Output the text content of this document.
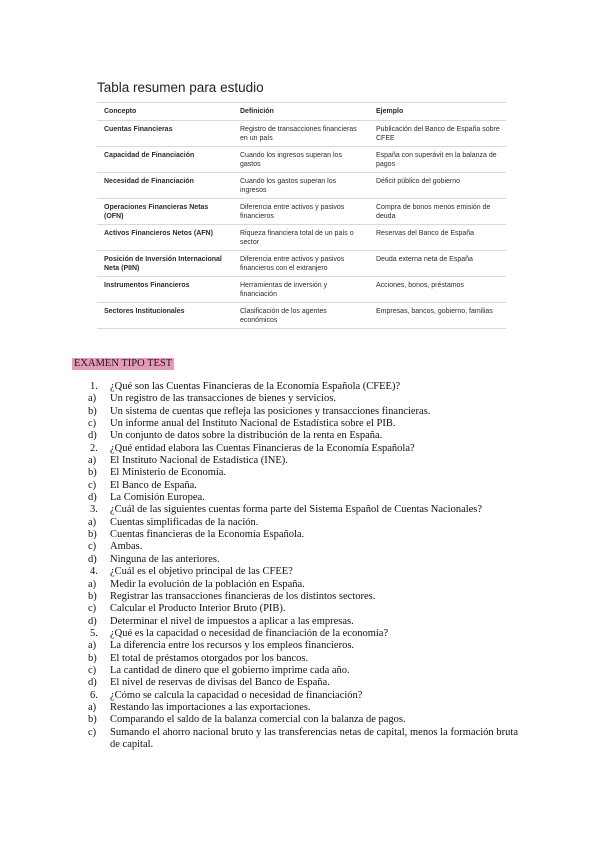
Tabla resumen para estudio
Concepto	Definición	Ejemplo
Cuentas Financieras	Registro de transacciones financieras en un país	Publicación del Banco de España sobre CFEE
Capacidad de Financiación	Cuando los ingresos superan los gastos	España con superávit en la balanza de pagos
Necesidad de Financiación	Cuando los gastos superan los ingresos	Déficit público del gobierno
Operaciones Financieras Netas (OFN)	Diferencia entre activos y pasivos financieros	Compra de bonos menos emisión de deuda
Activos Financieros Netos (AFN)	Riqueza financiera total de un país o sector	Reservas del Banco de España
Posición de Inversión Internacional Neta (PIIN)	Diferencia entre activos y pasivos financieros con el extranjero	Deuda externa neta de España
Instrumentos Financieros	Herramientas de inversión y financiación	Acciones, bonos, préstamos
Sectores Institucionales	Clasificación de los agentes económicos	Empresas, bancos, gobierno, familias
EXAMEN TIPO TEST
1.	¿Qué son las Cuentas Financieras de la Economía Española (CFEE)?
a)	Un registro de las transacciones de bienes y servicios.
b)	Un sistema de cuentas que refleja las posiciones y transacciones financieras.
c)	Un informe anual del Instituto Nacional de Estadística sobre el PIB.
d)	Un conjunto de datos sobre la distribución de la renta en España.
2.	¿Qué entidad elabora las Cuentas Financieras de la Economía Española?
a)	El Instituto Nacional de Estadística (INE).
b)	El Ministerio de Economía.
c)	El Banco de España.
d)	La Comisión Europea.
3.	¿Cuál de las siguientes cuentas forma parte del Sistema Español de Cuentas Nacionales?
a)	Cuentas simplificadas de la nación.
b)	Cuentas financieras de la Economía Española.
c)	Ambas.
d)	Ninguna de las anteriores.
4.	¿Cuál es el objetivo principal de las CFEE?
a)	Medir la evolución de la población en España.
b)	Registrar las transacciones financieras de los distintos sectores.
c)	Calcular el Producto Interior Bruto (PIB).
d)	Determinar el nivel de impuestos a aplicar a las empresas.
5.	¿Qué es la capacidad o necesidad de financiación de la economía?
a)	La diferencia entre los recursos y los empleos financieros.
b)	El total de préstamos otorgados por los bancos.
c)	La cantidad de dinero que el gobierno imprime cada año.
d)	El nivel de reservas de divisas del Banco de España.
6.	¿Cómo se calcula la capacidad o necesidad de financiación?
a)	Restando las importaciones a las exportaciones.
b)	Comparando el saldo de la balanza comercial con la balanza de pagos.
c)	Sumando el ahorro nacional bruto y las transferencias netas de capital, menos la formación bruta de capital.
